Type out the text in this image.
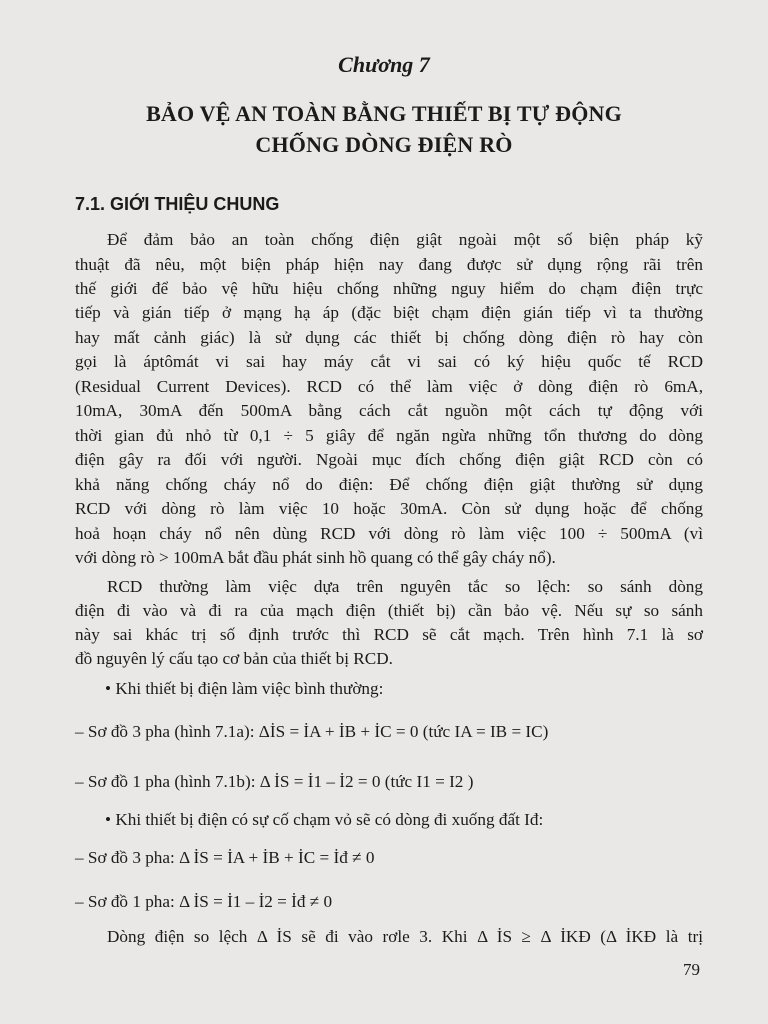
Chương 7
BẢO VỆ AN TOÀN BẰNG THIẾT BỊ TỰ ĐỘNG
CHỐNG DÒNG ĐIỆN RÒ
7.1. GIỚI THIỆU CHUNG
Để đảm bảo an toàn chống điện giật ngoài một số biện pháp kỹ
thuật đã nêu, một biện pháp hiện nay đang được sử dụng rộng rãi trên
thế giới để bảo vệ hữu hiệu chống những nguy hiểm do chạm điện trực
tiếp và gián tiếp ở mạng hạ áp (đặc biệt chạm điện gián tiếp vì ta thường
hay mất cảnh giác) là sử dụng các thiết bị chống dòng điện rò hay còn
gọi là áptômát vi sai hay máy cắt vi sai có ký hiệu quốc tế RCD
(Residual Current Devices). RCD có thể làm việc ở dòng điện rò 6mA,
10mA, 30mA đến 500mA bằng cách cắt nguồn một cách tự động với
thời gian đủ nhỏ từ 0,1 ÷ 5 giây để ngăn ngừa những tổn thương do dòng
điện gây ra đối với người. Ngoài mục đích chống điện giật RCD còn có
khả năng chống cháy nổ do điện: Để chống điện giật thường sử dụng
RCD với dòng rò làm việc 10 hoặc 30mA. Còn sử dụng hoặc để chống
hoả hoạn cháy nổ nên dùng RCD với dòng rò làm việc 100 ÷ 500mA (vì
với dòng rò > 100mA bắt đầu phát sinh hồ quang có thể gây cháy nổ).
RCD thường làm việc dựa trên nguyên tắc so lệch: so sánh dòng
điện đi vào và đi ra của mạch điện (thiết bị) cần bảo vệ. Nếu sự so sánh
này sai khác trị số định trước thì RCD sẽ cắt mạch. Trên hình 7.1 là sơ
đồ nguyên lý cấu tạo cơ bản của thiết bị RCD.
• Khi thiết bị điện làm việc bình thường:
– Sơ đồ 3 pha (hình 7.1a): ΔİS = İA + İB + İC = 0 (tức IA = IB = IC)
– Sơ đồ 1 pha (hình 7.1b): Δ İS = İ1 – İ2 = 0 (tức I1 = I2 )
• Khi thiết bị điện có sự cố chạm vỏ sẽ có dòng đi xuống đất Iđ:
– Sơ đồ 3 pha: Δ İS = İA + İB + İC = İđ ≠ 0
– Sơ đồ 1 pha: Δ İS = İ1 – İ2 = İđ ≠ 0
Dòng điện so lệch Δ İS sẽ đi vào rơle 3. Khi Δ İS ≥ Δ İKĐ (Δ İKĐ là trị
79
